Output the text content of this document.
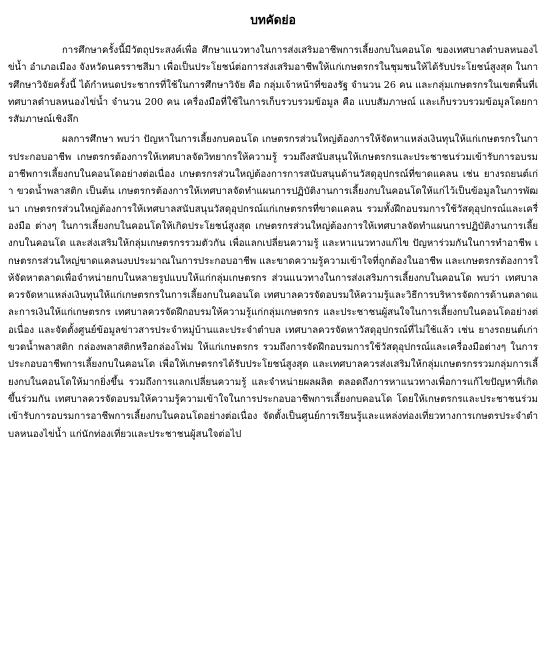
บทคัดย่อ

การศึกษาครั้งนี้มีวัตถุประสงค์เพื่อ ศึกษาแนวทางในการส่งเสริมอาชีพการเลี้ยงกบในคอนโด ของเทศบาลตำบลหนองไข่น้ำ อำเภอเมือง จังหวัดนครราชสีมา เพื่อเป็นประโยชน์ต่อการส่งเสริมอาชีพให้แก่เกษตรกรในชุมชนให้ได้รับประโยชน์สูงสุด ในการศึกษาวิจัยครั้งนี้ ได้กำหนดประชากรที่ใช้ในการศึกษาวิจัย คือ กลุ่มเจ้าหน้าที่ของรัฐ จำนวน 26 คน และกลุ่มเกษตรกรในเขตพื้นที่เทศบาลตำบลหนองไข่น้ำ จำนวน 200 คน เครื่องมือที่ใช้ในการเก็บรวบรวมข้อมูล คือ แบบสัมภาษณ์ และเก็บรวบรวมข้อมูลโดยการสัมภาษณ์เชิงลึก

ผลการศึกษา พบว่า ปัญหาในการเลี้ยงกบคอนโด เกษตรกรส่วนใหญ่ต้องการให้จัดหาแหล่งเงินทุนให้แก่เกษตรกรในการประกอบอาชีพ เกษตรกรต้องการให้เทศบาลจัดวิทยากรให้ความรู้ รวมถึงสนับสนุนให้เกษตรกรและประชาชนร่วมเข้ารับการอบรมอาชีพการเลี้ยงกบในคอนโดอย่างต่อเนื่อง เกษตรกรส่วนใหญ่ต้องการการสนับสนุนด้านวัสดุอุปกรณ์ที่ขาดแคลน เช่น ยางรถยนต์เก่า ขวดน้ำพลาสติก เป็นต้น เกษตรกรต้องการให้เทศบาลจัดทำแผนการปฏิบัติงานการเลี้ยงกบในคอนโดให้แก่ไว้เป็นข้อมูลในการพัฒนา เกษตรกรส่วนใหญ่ต้องการให้เทศบาลสนับสนุนวัสดุอุปกรณ์แก่เกษตรกรที่ขาดแคลน รวมทั้งฝึกอบรมการใช้วัสดุอุปกรณ์และเครื่องมือ ต่างๆ ในการเลี้ยงกบในคอนโดให้เกิดประโยชน์สูงสุด เกษตรกรส่วนใหญ่ต้องการให้เทศบาลจัดทำแผนการปฏิบัติงานการเลี้ยงกบในคอนโด และส่งเสริมให้กลุ่มเกษตรกรรวมตัวกัน เพื่อแลกเปลี่ยนความรู้ และหาแนวทางแก้ไข ปัญหาร่วมกันในการทำอาชีพ เกษตรกรส่วนใหญ่ขาดแคลนงบประมาณในการประกอบอาชีพ และขาดความรู้ความเข้าใจที่ถูกต้องในอาชีพ และเกษตรกรต้องการให้จัดหาตลาดเพื่อจำหน่ายกบในหลายรูปแบบให้แก่กลุ่มเกษตรกร ส่วนแนวทางในการส่งเสริมการเลี้ยงกบในคอนโด พบว่า เทศบาลควรจัดหาแหล่งเงินทุนให้แก่เกษตรกรในการเลี้ยงกบในคอนโด เทศบาลควรจัดอบรมให้ความรู้และวิธีการบริหารจัดการด้านตลาดและการเงินให้แก่เกษตรกร เทศบาลควรจัดฝึกอบรมให้ความรู้แก่กลุ่มเกษตรกร และประชาชนผู้สนใจในการเลี้ยงกบในคอนโดอย่างต่อเนื่อง และจัดตั้งศูนย์ข้อมูลข่าวสารประจำหมู่บ้านและประจำตำบล เทศบาลควรจัดหาวัสดุอุปกรณ์ที่ไม่ใช้แล้ว เช่น ยางรถยนต์เก่า ขวดน้ำพลาสติก กล่องพลาสติกหรือกล่องโฟม ให้แก่เกษตรกร รวมถึงการจัดฝึกอบรมการใช้วัสดุอุปกรณ์และเครื่องมือต่างๆ ในการประกอบอาชีพการเลี้ยงกบในคอนโด เพื่อให้เกษตรกรได้รับประโยชน์สูงสุด และเทศบาลควรส่งเสริมให้กลุ่มเกษตรกรรวมกลุ่มการเลี้ยงกบในคอนโดให้มากยิ่งขึ้น รวมถึงการแลกเปลี่ยนความรู้ และจำหน่ายผลผลิต ตลอดถึงการหาแนวทางเพื่อการแก้ไขปัญหาที่เกิดขึ้นร่วมกัน เทศบาลควรจัดอบรมให้ความรู้ความเข้าใจในการประกอบอาชีพการเลี้ยงกบคอนโด โดยให้เกษตรกรและประชาชนร่วมเข้ารับการอบรมการอาชีพการเลี้ยงกบในคอนโดอย่างต่อเนื่อง จัดตั้งเป็นศูนย์การเรียนรู้และแหล่งท่องเที่ยวทางการเกษตรประจำตำบลหนองไข่น้ำ แก่นักท่องเที่ยวและประชาชนผู้สนใจต่อไป
